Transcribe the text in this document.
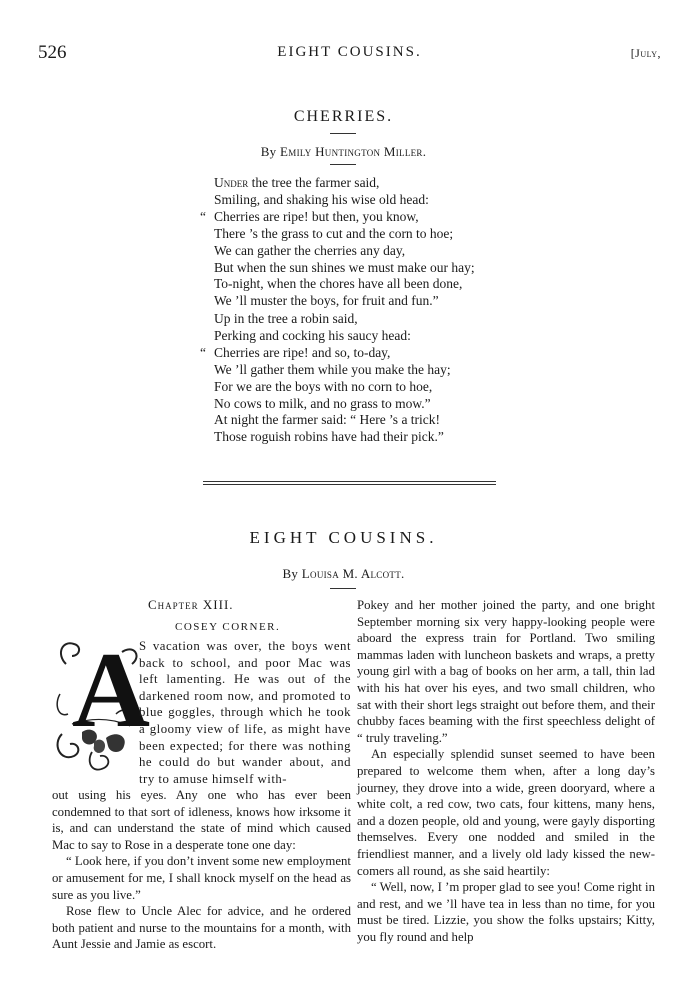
526	EIGHT COUSINS.	[July,
CHERRIES.
By Emily Huntington Miller.
Under the tree the farmer said,
Smiling, and shaking his wise old head:
“ Cherries are ripe! but then, you know,
There ’s the grass to cut and the corn to hoe;
We can gather the cherries any day,
But when the sun shines we must make our hay;
To-night, when the chores have all been done,
We ’ll muster the boys, for fruit and fun.”
Up in the tree a robin said,
Perking and cocking his saucy head:
“ Cherries are ripe! and so, to-day,
We ’ll gather them while you make the hay;
For we are the boys with no corn to hoe,
No cows to milk, and no grass to mow.”
At night the farmer said: “ Here ’s a trick!
Those roguish robins have had their pick.”
EIGHT COUSINS.
By Louisa M. Alcott.
Chapter XIII.
COSEY CORNER.
A

S vacation was over, the boys went back to school, and poor Mac was left lamenting. He was out of the darkened room now, and promoted to blue goggles, through which he took a gloomy view of life, as might have been expected; for there was nothing he could do but wander about, and try to amuse himself with-

out using his eyes. Any one who has ever been condemned to that sort of idleness, knows how irksome it is, and can understand the state of mind which caused Mac to say to Rose in a desperate tone one day:

“ Look here, if you don’t invent some new employment or amusement for me, I shall knock myself on the head as sure as you live.”

Rose flew to Uncle Alec for advice, and he ordered both patient and nurse to the mountains for a month, with Aunt Jessie and Jamie as escort.

Pokey and her mother joined the party, and one bright September morning six very happy-looking people were aboard the express train for Portland. Two smiling mammas laden with luncheon baskets and wraps, a pretty young girl with a bag of books on her arm, a tall, thin lad with his hat over his eyes, and two small children, who sat with their short legs straight out before them, and their chubby faces beaming with the first speechless delight of “ truly traveling.”

An especially splendid sunset seemed to have been prepared to welcome them when, after a long day’s journey, they drove into a wide, green dooryard, where a white colt, a red cow, two cats, four kittens, many hens, and a dozen people, old and young, were gayly disporting themselves. Every one nodded and smiled in the friendliest manner, and a lively old lady kissed the new-comers all round, as she said heartily:

“ Well, now, I ’m proper glad to see you! Come right in and rest, and we ’ll have tea in less than no time, for you must be tired. Lizzie, you show the folks upstairs; Kitty, you fly round and help
